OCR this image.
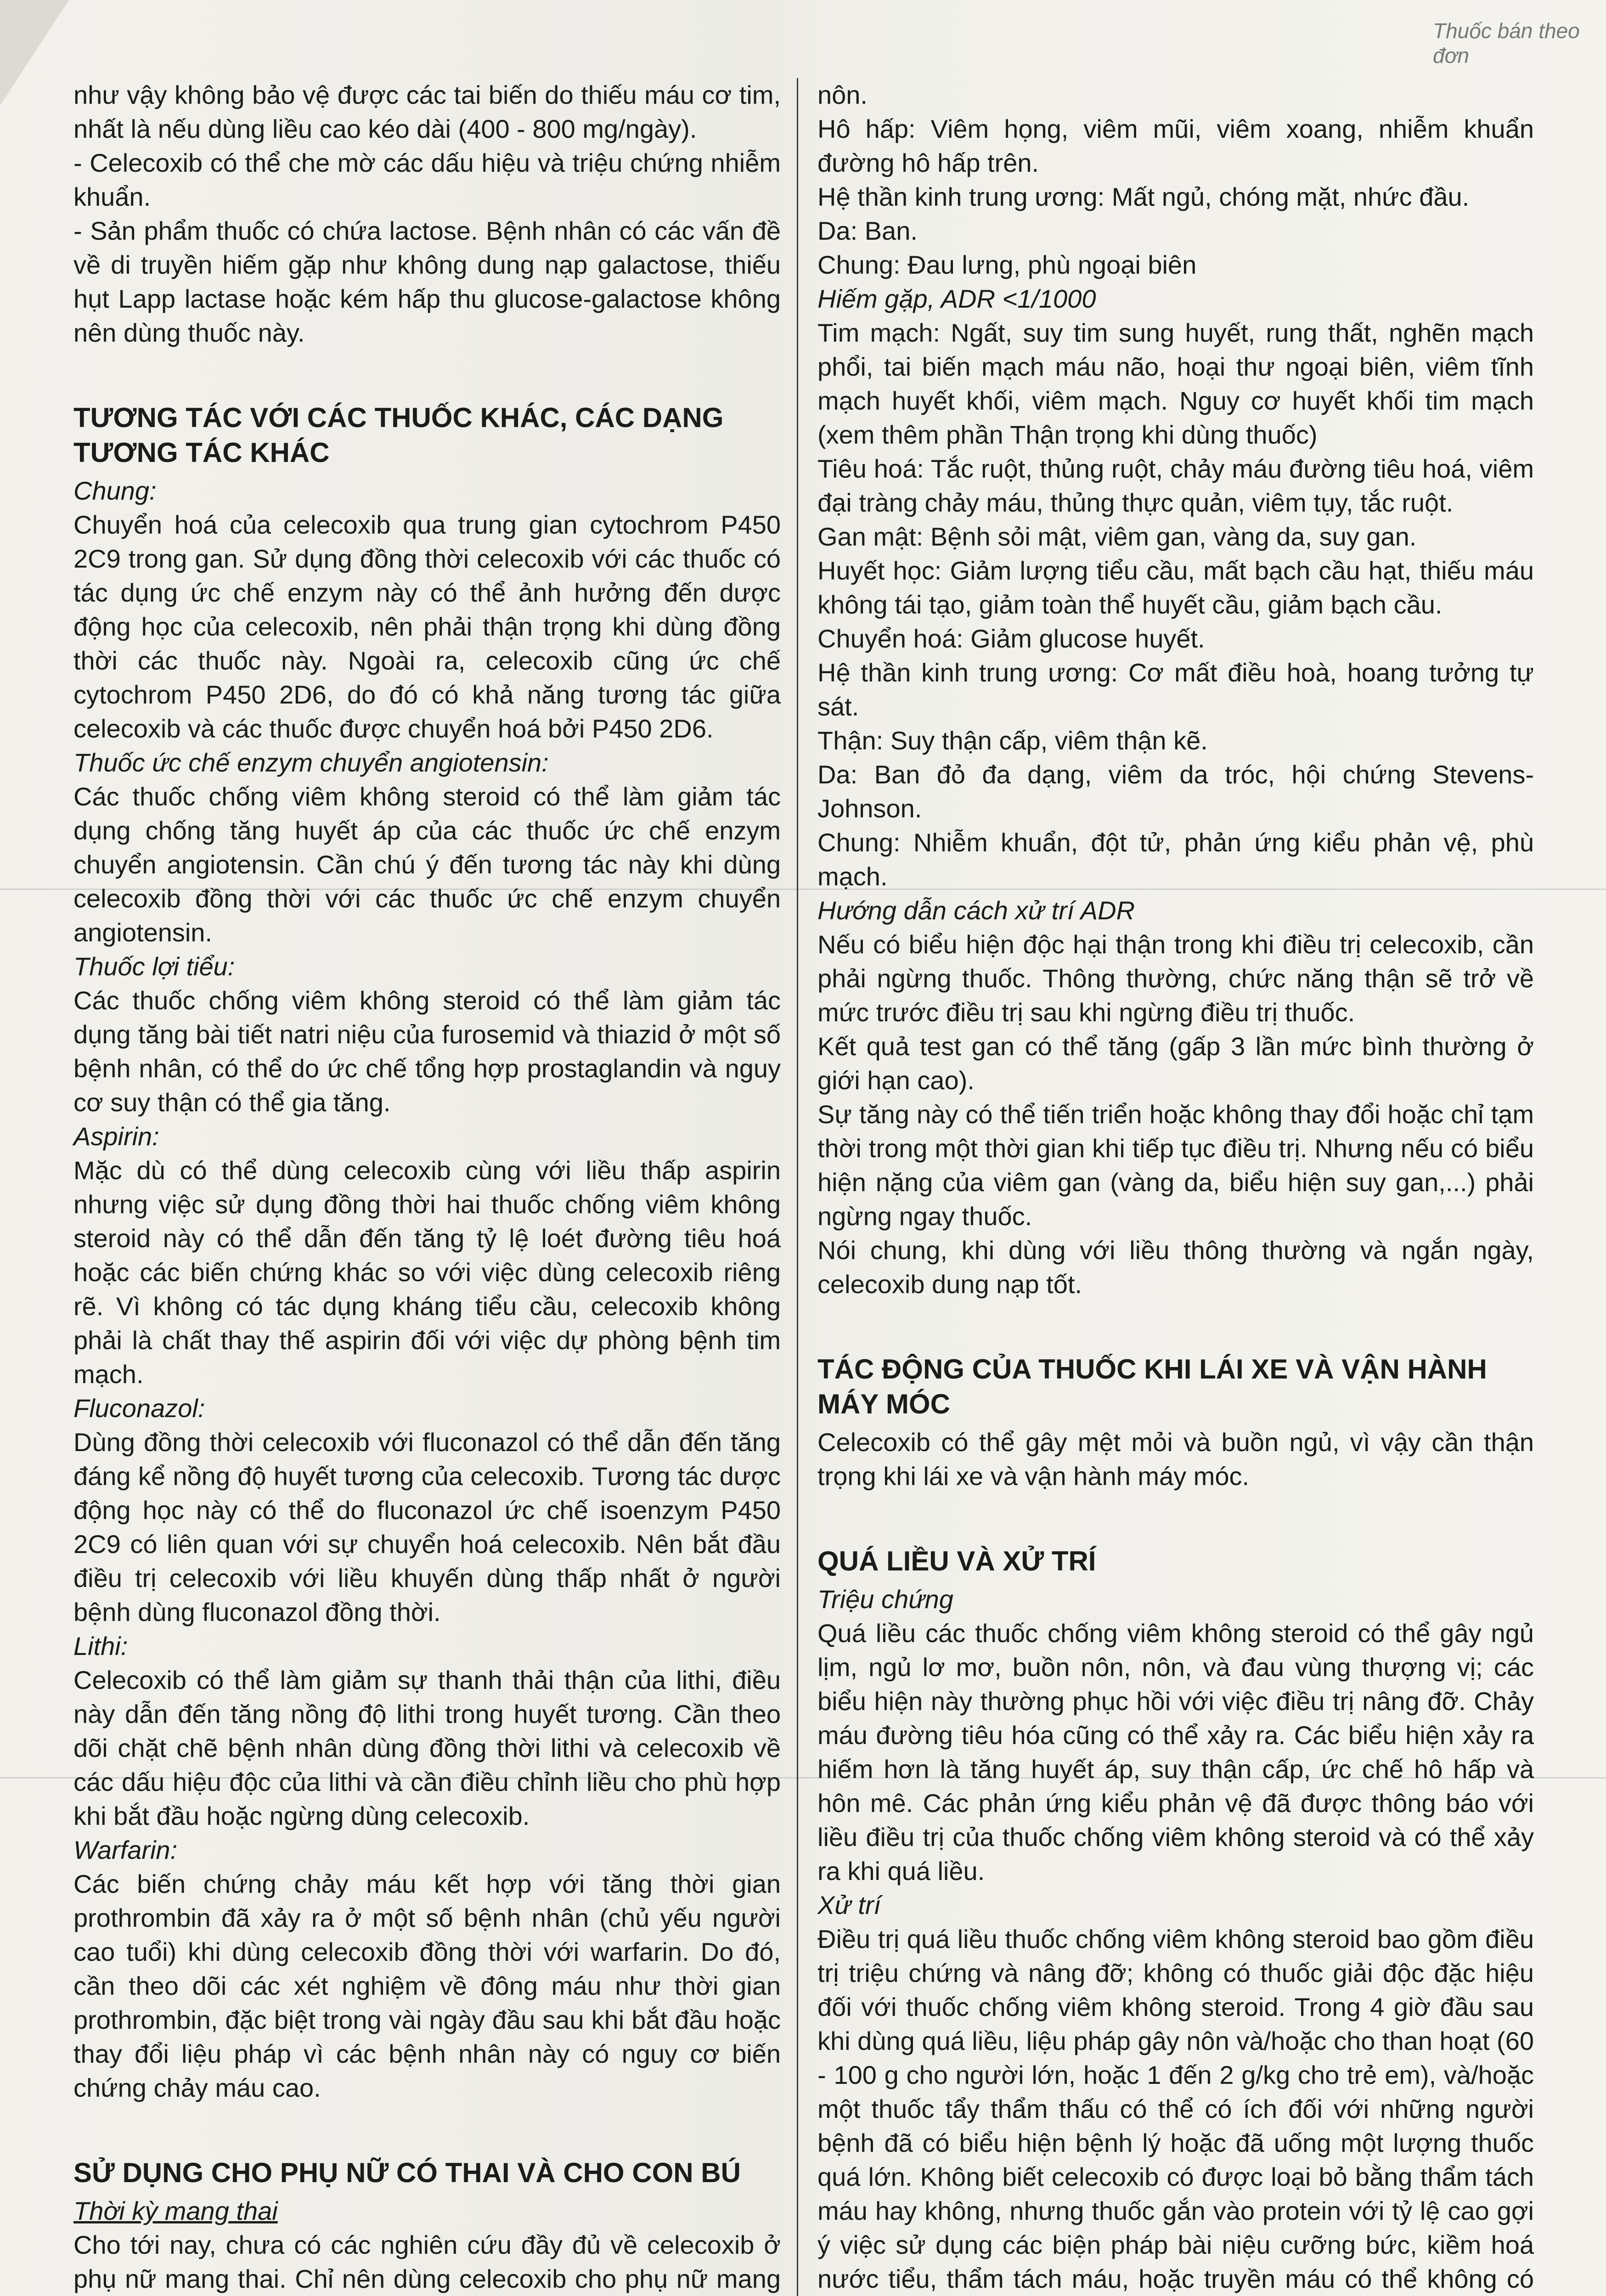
Thuốc bán theo đơn

như vậy không bảo vệ được các tai biến do thiếu máu cơ tim, nhất là nếu dùng liều cao kéo dài (400 - 800 mg/ngày).

- Celecoxib có thể che mờ các dấu hiệu và triệu chứng nhiễm khuẩn.

- Sản phẩm thuốc có chứa lactose. Bệnh nhân có các vấn đề về di truyền hiếm gặp như không dung nạp galactose, thiếu hụt Lapp lactase hoặc kém hấp thu glucose-galactose không nên dùng thuốc này.

TƯƠNG TÁC VỚI CÁC THUỐC KHÁC, CÁC DẠNG TƯƠNG TÁC KHÁC

Chung:

Chuyển hoá của celecoxib qua trung gian cytochrom P450 2C9 trong gan. Sử dụng đồng thời celecoxib với các thuốc có tác dụng ức chế enzym này có thể ảnh hưởng đến dược động học của celecoxib, nên phải thận trọng khi dùng đồng thời các thuốc này. Ngoài ra, celecoxib cũng ức chế cytochrom P450 2D6, do đó có khả năng tương tác giữa celecoxib và các thuốc được chuyển hoá bởi P450 2D6.

Thuốc ức chế enzym chuyển angiotensin:

Các thuốc chống viêm không steroid có thể làm giảm tác dụng chống tăng huyết áp của các thuốc ức chế enzym chuyển angiotensin. Cần chú ý đến tương tác này khi dùng celecoxib đồng thời với các thuốc ức chế enzym chuyển angiotensin.

Thuốc lợi tiểu:

Các thuốc chống viêm không steroid có thể làm giảm tác dụng tăng bài tiết natri niệu của furosemid và thiazid ở một số bệnh nhân, có thể do ức chế tổng hợp prostaglandin và nguy cơ suy thận có thể gia tăng.

Aspirin:

Mặc dù có thể dùng celecoxib cùng với liều thấp aspirin nhưng việc sử dụng đồng thời hai thuốc chống viêm không steroid này có thể dẫn đến tăng tỷ lệ loét đường tiêu hoá hoặc các biến chứng khác so với việc dùng celecoxib riêng rẽ. Vì không có tác dụng kháng tiểu cầu, celecoxib không phải là chất thay thế aspirin đối với việc dự phòng bệnh tim mạch.

Fluconazol:

Dùng đồng thời celecoxib với fluconazol có thể dẫn đến tăng đáng kể nồng độ huyết tương của celecoxib. Tương tác dược động học này có thể do fluconazol ức chế isoenzym P450 2C9 có liên quan với sự chuyển hoá celecoxib. Nên bắt đầu điều trị celecoxib với liều khuyến dùng thấp nhất ở người bệnh dùng fluconazol đồng thời.

Lithi:

Celecoxib có thể làm giảm sự thanh thải thận của lithi, điều này dẫn đến tăng nồng độ lithi trong huyết tương. Cần theo dõi chặt chẽ bệnh nhân dùng đồng thời lithi và celecoxib về các dấu hiệu độc của lithi và cần điều chỉnh liều cho phù hợp khi bắt đầu hoặc ngừng dùng celecoxib.

Warfarin:

Các biến chứng chảy máu kết hợp với tăng thời gian prothrombin đã xảy ra ở một số bệnh nhân (chủ yếu người cao tuổi) khi dùng celecoxib đồng thời với warfarin. Do đó, cần theo dõi các xét nghiệm về đông máu như thời gian prothrombin, đặc biệt trong vài ngày đầu sau khi bắt đầu hoặc thay đổi liệu pháp vì các bệnh nhân này có nguy cơ biến chứng chảy máu cao.

SỬ DỤNG CHO PHỤ NỮ CÓ THAI VÀ CHO CON BÚ

Thời kỳ mang thai

Cho tới nay, chưa có các nghiên cứu đầy đủ về celecoxib ở phụ nữ mang thai. Chỉ nên dùng celecoxib cho phụ nữ mang

nôn.

Hô hấp: Viêm họng, viêm mũi, viêm xoang, nhiễm khuẩn đường hô hấp trên.

Hệ thần kinh trung ương: Mất ngủ, chóng mặt, nhức đầu.

Da: Ban.

Chung: Đau lưng, phù ngoại biên

Hiếm gặp, ADR <1/1000

Tim mạch: Ngất, suy tim sung huyết, rung thất, nghẽn mạch phổi, tai biến mạch máu não, hoại thư ngoại biên, viêm tĩnh mạch huyết khối, viêm mạch. Nguy cơ huyết khối tim mạch (xem thêm phần Thận trọng khi dùng thuốc)

Tiêu hoá: Tắc ruột, thủng ruột, chảy máu đường tiêu hoá, viêm đại tràng chảy máu, thủng thực quản, viêm tụy, tắc ruột.

Gan mật: Bệnh sỏi mật, viêm gan, vàng da, suy gan.

Huyết học: Giảm lượng tiểu cầu, mất bạch cầu hạt, thiếu máu không tái tạo, giảm toàn thể huyết cầu, giảm bạch cầu.

Chuyển hoá: Giảm glucose huyết.

Hệ thần kinh trung ương: Cơ mất điều hoà, hoang tưởng tự sát.

Thận: Suy thận cấp, viêm thận kẽ.

Da: Ban đỏ đa dạng, viêm da tróc, hội chứng Stevens-Johnson.

Chung: Nhiễm khuẩn, đột tử, phản ứng kiểu phản vệ, phù mạch.

Hướng dẫn cách xử trí ADR

Nếu có biểu hiện độc hại thận trong khi điều trị celecoxib, cần phải ngừng thuốc. Thông thường, chức năng thận sẽ trở về mức trước điều trị sau khi ngừng điều trị thuốc.

Kết quả test gan có thể tăng (gấp 3 lần mức bình thường ở giới hạn cao).

Sự tăng này có thể tiến triển hoặc không thay đổi hoặc chỉ tạm thời trong một thời gian khi tiếp tục điều trị. Nhưng nếu có biểu hiện nặng của viêm gan (vàng da, biểu hiện suy gan,...) phải ngừng ngay thuốc.

Nói chung, khi dùng với liều thông thường và ngắn ngày, celecoxib dung nạp tốt.

TÁC ĐỘNG CỦA THUỐC KHI LÁI XE VÀ VẬN HÀNH MÁY MÓC

Celecoxib có thể gây mệt mỏi và buồn ngủ, vì vậy cần thận trọng khi lái xe và vận hành máy móc.

QUÁ LIỀU VÀ XỬ TRÍ

Triệu chứng

Quá liều các thuốc chống viêm không steroid có thể gây ngủ lịm, ngủ lơ mơ, buồn nôn, nôn, và đau vùng thượng vị; các biểu hiện này thường phục hồi với việc điều trị nâng đỡ. Chảy máu đường tiêu hóa cũng có thể xảy ra. Các biểu hiện xảy ra hiếm hơn là tăng huyết áp, suy thận cấp, ức chế hô hấp và hôn mê. Các phản ứng kiểu phản vệ đã được thông báo với liều điều trị của thuốc chống viêm không steroid và có thể xảy ra khi quá liều.

Xử trí

Điều trị quá liều thuốc chống viêm không steroid bao gồm điều trị triệu chứng và nâng đỡ; không có thuốc giải độc đặc hiệu đối với thuốc chống viêm không steroid. Trong 4 giờ đầu sau khi dùng quá liều, liệu pháp gây nôn và/hoặc cho than hoạt (60 - 100 g cho người lớn, hoặc 1 đến 2 g/kg cho trẻ em), và/hoặc một thuốc tẩy thẩm thấu có thể có ích đối với những người bệnh đã có biểu hiện bệnh lý hoặc đã uống một lượng thuốc quá lớn. Không biết celecoxib có được loại bỏ bằng thẩm tách máu hay không, nhưng thuốc gắn vào protein với tỷ lệ cao gợi ý việc sử dụng các biện pháp bài niệu cưỡng bức, kiềm hoá nước tiểu, thẩm tách máu, hoặc truyền máu có thể không có
